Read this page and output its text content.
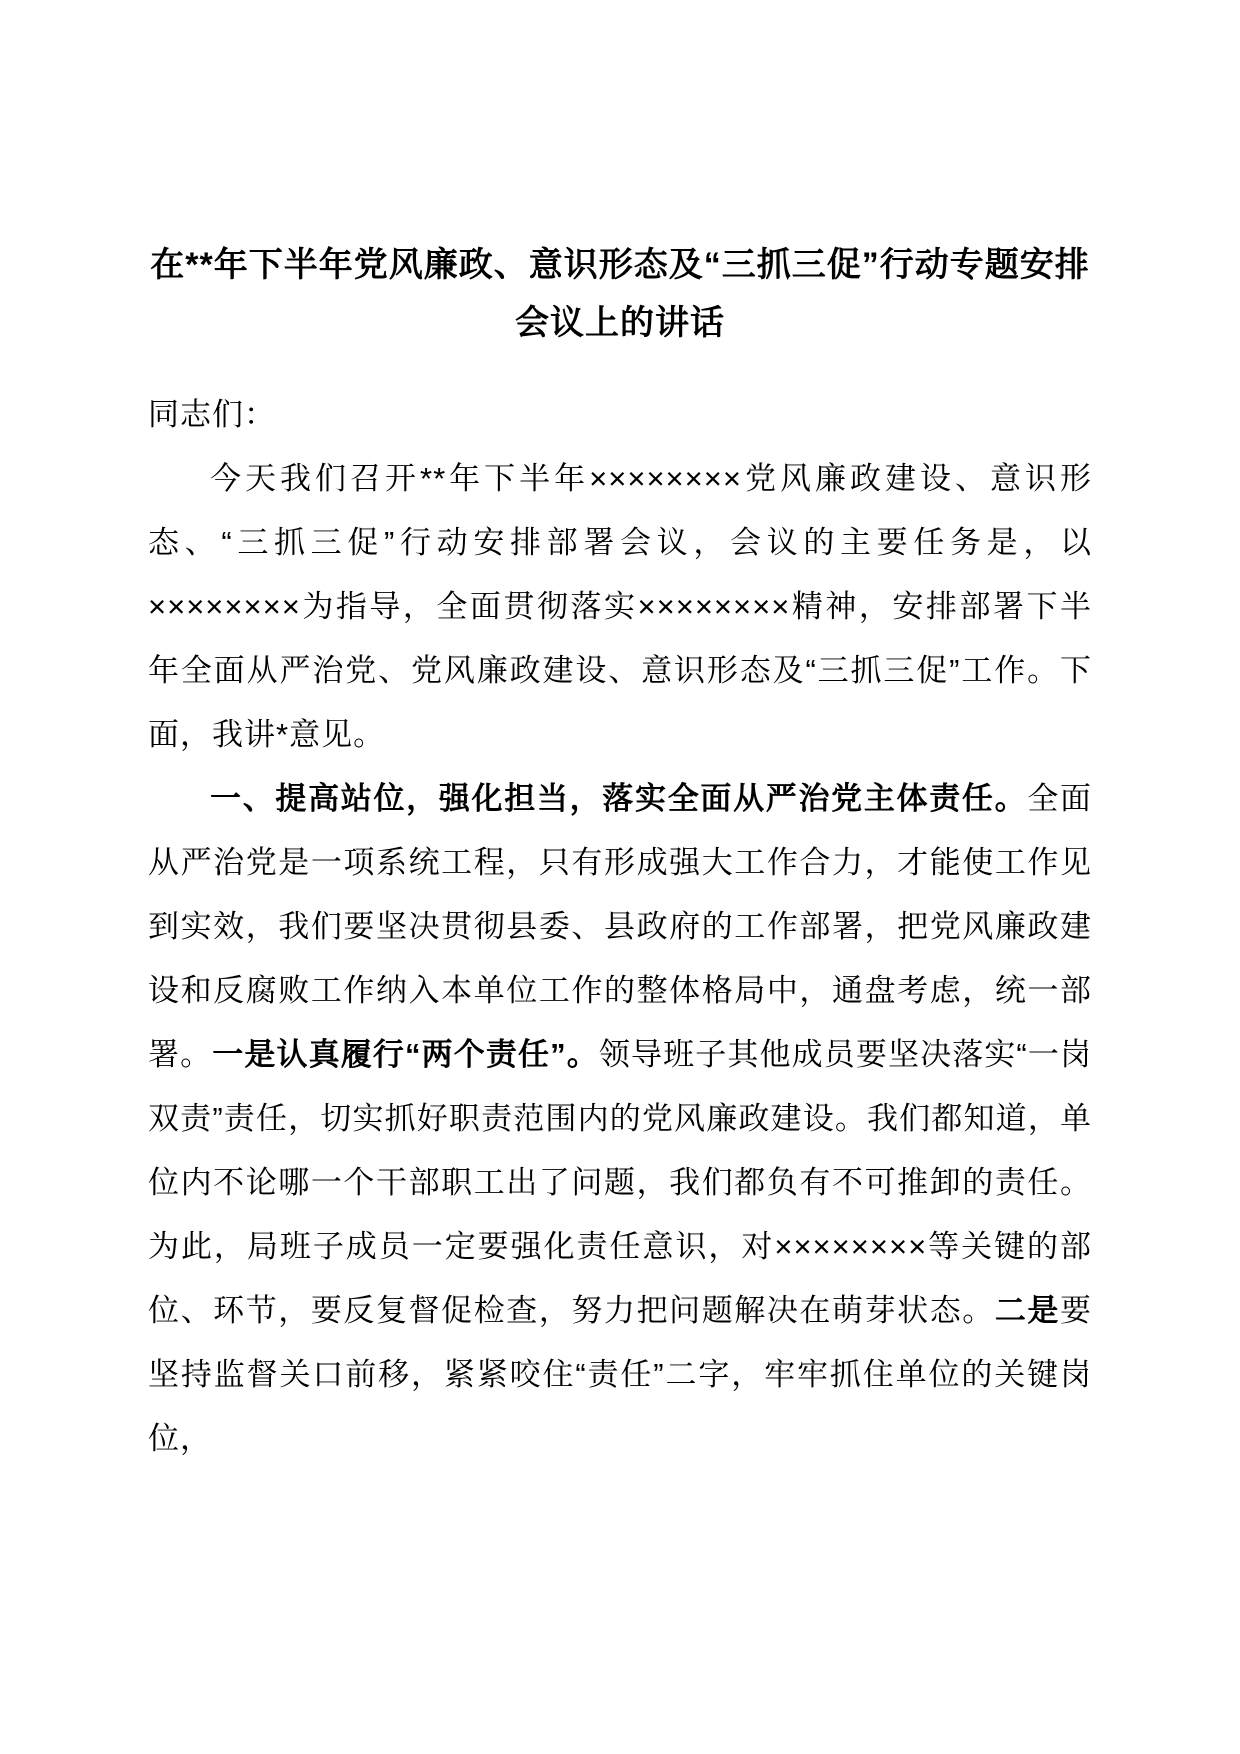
在**年下半年党风廉政、意识形态及“三抓三促”行动专题安排会议上的讲话

同志们：

今天我们召开**年下半年××××××××党风廉政建设、意识形态、“三抓三促”行动安排部署会议，会议的主要任务是，以××××××××为指导，全面贯彻落实××××××××精神，安排部署下半年全面从严治党、党风廉政建设、意识形态及“三抓三促”工作。下面，我讲*意见。

一、提高站位，强化担当，落实全面从严治党主体责任。全面从严治党是一项系统工程，只有形成强大工作合力，才能使工作见到实效，我们要坚决贯彻县委、县政府的工作部署，把党风廉政建设和反腐败工作纳入本单位工作的整体格局中，通盘考虑，统一部署。一是认真履行“两个责任”。领导班子其他成员要坚决落实“一岗双责”责任，切实抓好职责范围内的党风廉政建设。我们都知道，单位内不论哪一个干部职工出了问题，我们都负有不可推卸的责任。为此，局班子成员一定要强化责任意识，对××××××××等关键的部位、环节，要反复督促检查，努力把问题解决在萌芽状态。二是要坚持监督关口前移，紧紧咬住“责任”二字，牢牢抓住单位的关键岗位，
